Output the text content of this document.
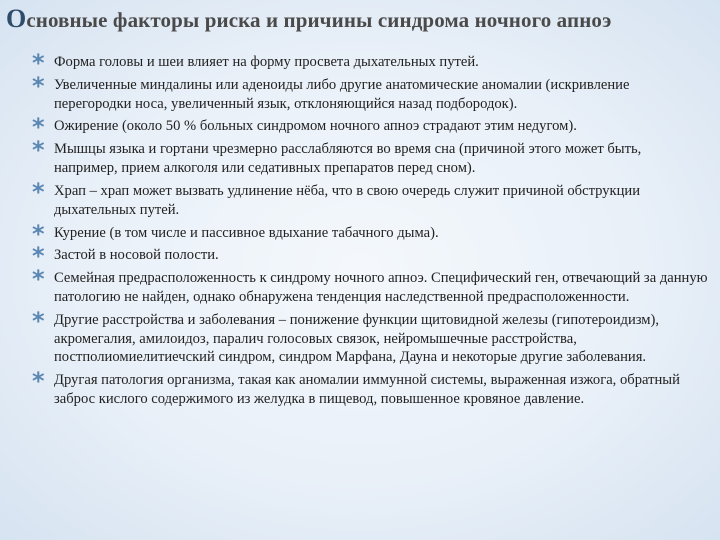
Основные факторы риска и причины синдрома ночного апноэ
* Форма головы и шеи влияет на форму просвета дыхательных путей.
* Увеличенные миндалины или аденоиды либо другие анатомические аномалии (искривление перегородки носа, увеличенный язык, отклоняющийся назад подбородок).
* Ожирение (около 50 % больных синдромом ночного апноэ страдают этим недугом).
* Мышцы языка и гортани чрезмерно расслабляются во время сна (причиной этого может быть, например, прием алкоголя или седативных препаратов перед сном).
* Храп – храп может вызвать удлинение нёба, что в свою очередь служит причиной обструкции дыхательных путей.
* Курение (в том числе и пассивное вдыхание табачного дыма).
* Застой в носовой полости.
* Семейная предрасположенность к синдрому ночного апноэ. Специфический ген, отвечающий за данную патологию не найден, однако обнаружена тенденция наследственной предрасположенности.
* Другие расстройства и заболевания – понижение функции щитовидной железы (гипотероидизм), акромегалия, амилоидоз, паралич голосовых связок, нейромышечные расстройства, постполиомиелитиечский синдром, синдром Марфана, Дауна и некоторые другие заболевания.
* Другая патология организма, такая как аномалии иммунной системы, выраженная изжога, обратный заброс кислого содержимого из желудка в пищевод, повышенное кровяное давление.
